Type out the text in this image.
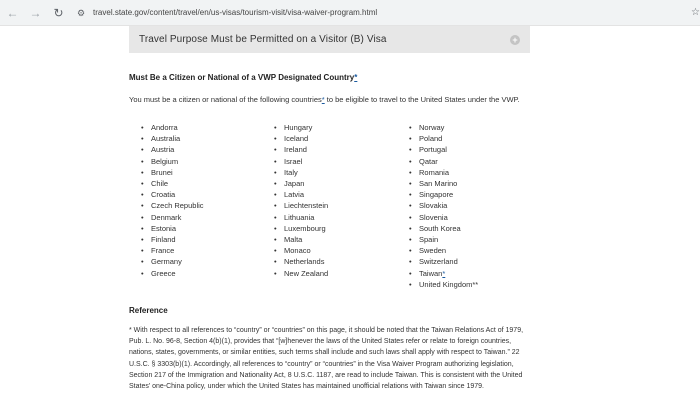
← → ↻	⚙ travel.state.gov/content/travel/en/us-visas/tourism-visit/visa-waiver-program.html	☆
Travel Purpose Must be Permitted on a Visitor (B) Visa	+
Must Be a Citizen or National of a VWP Designated Country*
You must be a citizen or national of the following countries* to be eligible to travel to the United States under the VWP.
• Andorra
• Australia
• Austria
• Belgium
• Brunei
• Chile
• Croatia
• Czech Republic
• Denmark
• Estonia
• Finland
• France
• Germany
• Greece
• Hungary
• Iceland
• Ireland
• Israel
• Italy
• Japan
• Latvia
• Liechtenstein
• Lithuania
• Luxembourg
• Malta
• Monaco
• Netherlands
• New Zealand
• Norway
• Poland
• Portugal
• Qatar
• Romania
• San Marino
• Singapore
• Slovakia
• Slovenia
• South Korea
• Spain
• Sweden
• Switzerland
• Taiwan*
• United Kingdom**
Reference
* With respect to all references to “country” or “countries” on this page, it should be noted that the Taiwan Relations Act of 1979, Pub. L. No. 96-8, Section 4(b)(1), provides that “[w]henever the laws of the United States refer or relate to foreign countries, nations, states, governments, or similar entities, such terms shall include and such laws shall apply with respect to Taiwan.” 22 U.S.C. § 3303(b)(1). Accordingly, all references to “country” or “countries” in the Visa Waiver Program authorizing legislation, Section 217 of the Immigration and Nationality Act, 8 U.S.C. 1187, are read to include Taiwan. This is consistent with the United States’ one-China policy, under which the United States has maintained unofficial relations with Taiwan since 1979.
